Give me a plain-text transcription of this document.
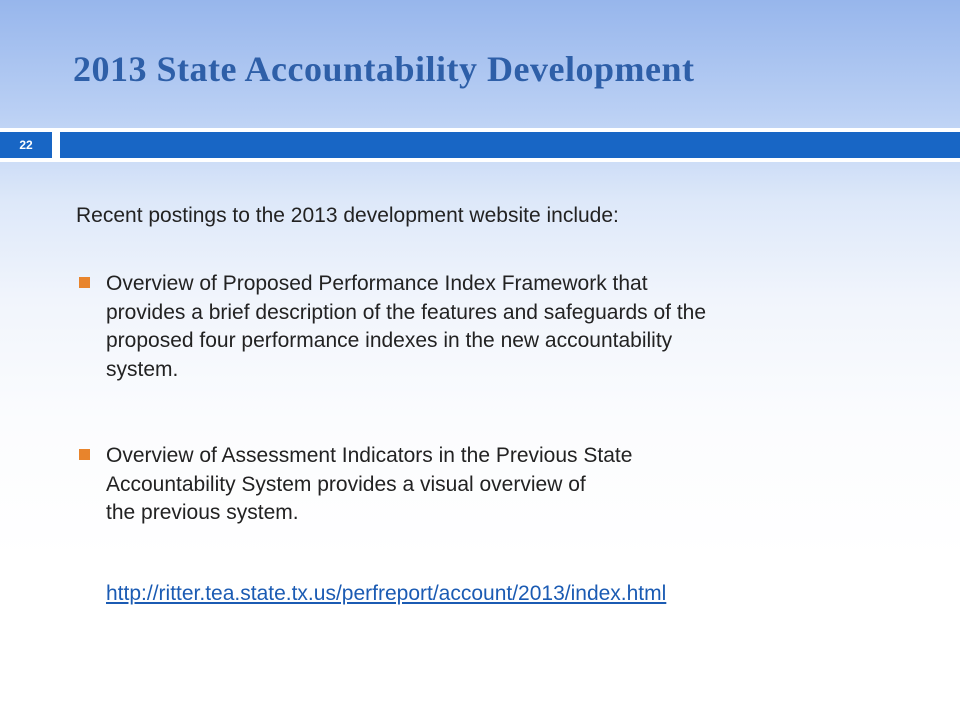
2013 State Accountability Development
22

Recent postings to the 2013 development website include:

Overview of Proposed Performance Index Framework that
provides a brief description of the features and safeguards of the
proposed four performance indexes in the new accountability
system.

Overview of Assessment Indicators in the Previous State
Accountability System provides a visual overview of
the previous system.

http://ritter.tea.state.tx.us/perfreport/account/2013/index.html
